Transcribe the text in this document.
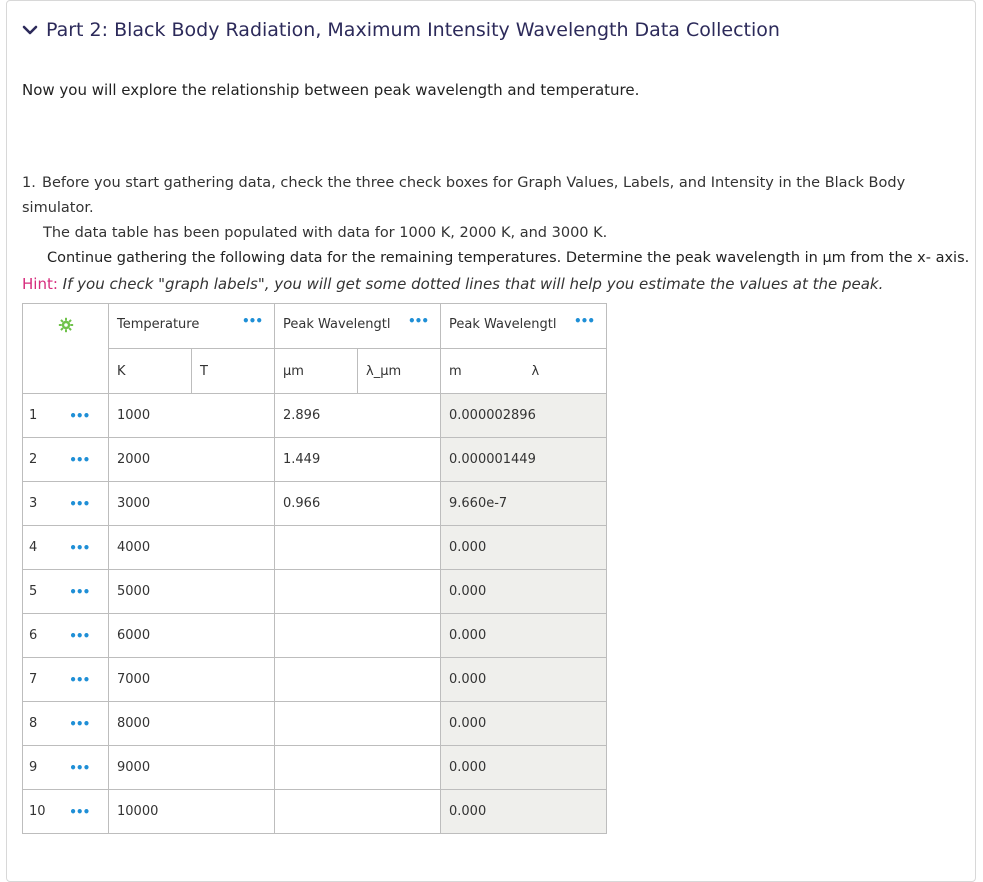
Part 2: Black Body Radiation, Maximum Intensity Wavelength Data Collection
Now you will explore the relationship between peak wavelength and temperature.
1. Before you start gathering data, check the three check boxes for Graph Values, Labels, and Intensity in the Black Body simulator.
The data table has been populated with data for 1000 K, 2000 K, and 3000 K.
Continue gathering the following data for the remaining temperatures. Determine the peak wavelength in µm from the x- axis.
Hint: If you check "graph labels", you will get some dotted lines that will help you estimate the values at the peak.
	Temperature •••		Peak Wavelengtl •••		Peak Wavelengtl •••	

		K	T	µm	λ_µm	m	λ
1	•••	1000		2.896		0.000002896	
2	•••	2000		1.449		0.000001449	
3	•••	3000		0.966		9.660e-7	
4	•••	4000				0.000	
5	•••	5000				0.000	
6	•••	6000				0.000	
7	•••	7000				0.000	
8	•••	8000				0.000	
9	•••	9000				0.000	
10	•••	10000				0.000	
